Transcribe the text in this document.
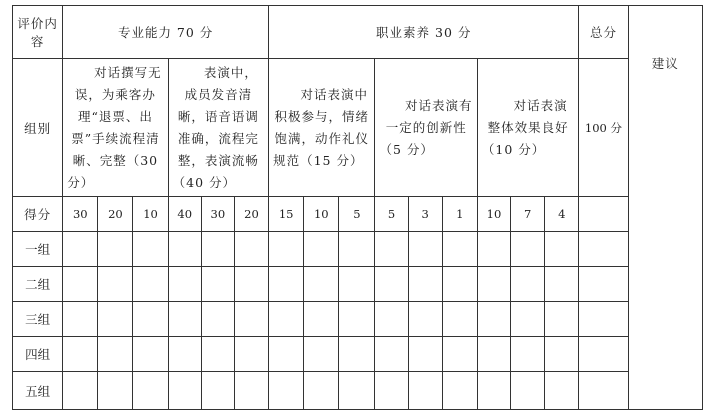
评价内容	专业能力 70 分						职业素养 30 分									总分	建议
组别	对话撰写无误，为乘客办理“退票、出票”手续流程清晰、完整（30 分）			表演中，成员发音清晰，语音语调准确，流程完整，表演流畅（40 分）			对话表演中积极参与，情绪饱满，动作礼仪规范（15 分）			对话表演有一定的创新性（5 分）			对话表演整体效果良好（10 分）			100 分	
得分	30	20	10	40	30	20	15	10	5	5	3	1	10	7	4		
一组																	
二组																	
三组																	
四组																	
五组																	
